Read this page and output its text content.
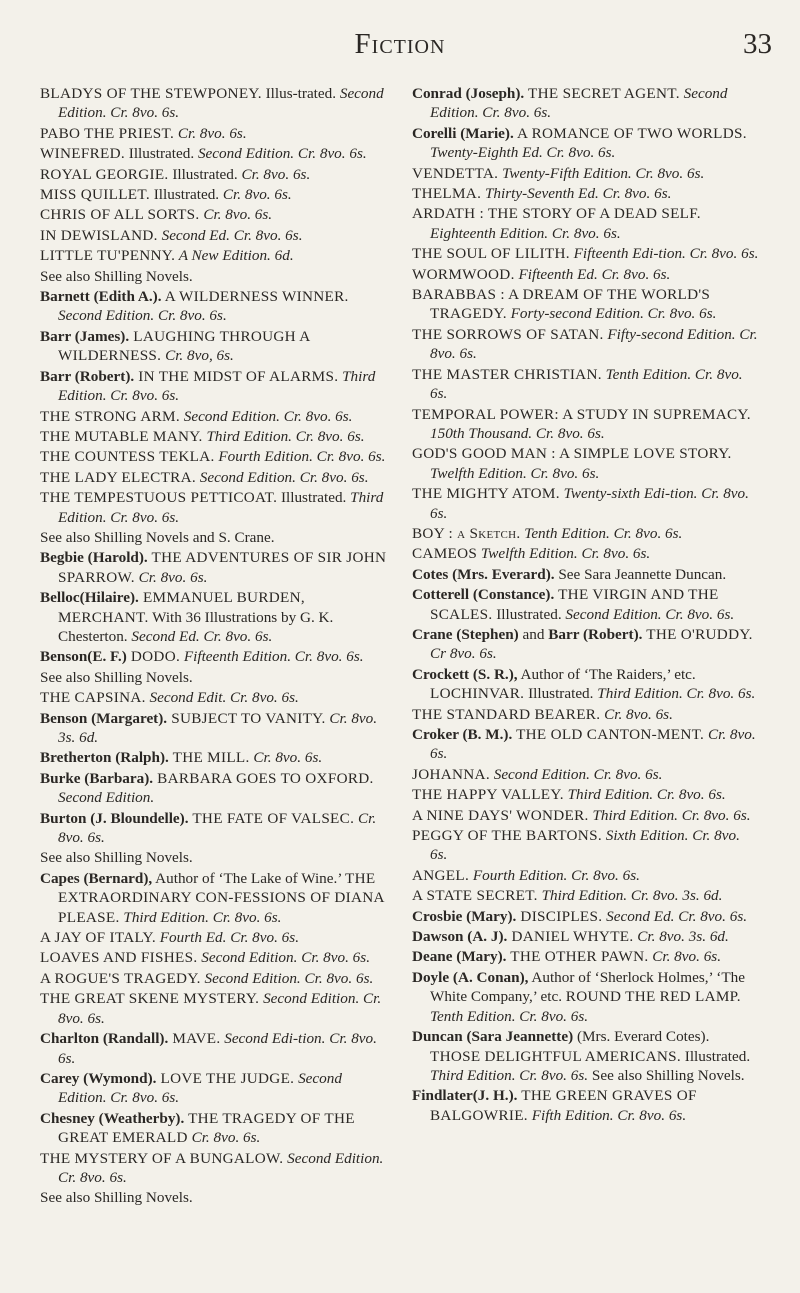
Fiction	33
BLADYS OF THE STEWPONEY. Illus-trated. Second Edition. Cr. 8vo. 6s.
PABO THE PRIEST. Cr. 8vo. 6s.
WINEFRED. Illustrated. Second Edition. Cr. 8vo. 6s.
ROYAL GEORGIE. Illustrated. Cr. 8vo. 6s.
MISS QUILLET. Illustrated. Cr. 8vo. 6s.
CHRIS OF ALL SORTS. Cr. 8vo. 6s.
IN DEWISLAND. Second Ed. Cr. 8vo. 6s.
LITTLE TU'PENNY. A New Edition. 6d.
See also Shilling Novels.
Barnett (Edith A.). A WILDERNESS WINNER. Second Edition. Cr. 8vo. 6s.
Barr (James). LAUGHING THROUGH A WILDERNESS. Cr. 8vo, 6s.
Barr (Robert). IN THE MIDST OF ALARMS. Third Edition. Cr. 8vo. 6s.
THE STRONG ARM. Second Edition. Cr. 8vo. 6s.
THE MUTABLE MANY. Third Edition. Cr. 8vo. 6s.
THE COUNTESS TEKLA. Fourth Edition. Cr. 8vo. 6s.
THE LADY ELECTRA. Second Edition. Cr. 8vo. 6s.
THE TEMPESTUOUS PETTICOAT. Illustrated. Third Edition. Cr. 8vo. 6s.
See also Shilling Novels and S. Crane.
Begbie (Harold). THE ADVENTURES OF SIR JOHN SPARROW. Cr. 8vo. 6s.
Belloc(Hilaire). EMMANUEL BURDEN, MERCHANT. With 36 Illustrations by G. K. Chesterton. Second Ed. Cr. 8vo. 6s.
Benson(E. F.) DODO. Fifteenth Edition. Cr. 8vo. 6s.
See also Shilling Novels.
THE CAPSINA. Second Edit. Cr. 8vo. 6s.
Benson (Margaret). SUBJECT TO VANITY. Cr. 8vo. 3s. 6d.
Bretherton (Ralph). THE MILL. Cr. 8vo. 6s.
Burke (Barbara). BARBARA GOES TO OXFORD. Second Edition.
Burton (J. Bloundelle). THE FATE OF VALSEC. Cr. 8vo. 6s.
See also Shilling Novels.
Capes (Bernard), Author of ‘The Lake of Wine.’ THE EXTRAORDINARY CON-FESSIONS OF DIANA PLEASE. Third Edition. Cr. 8vo. 6s.
A JAY OF ITALY. Fourth Ed. Cr. 8vo. 6s.
LOAVES AND FISHES. Second Edition. Cr. 8vo. 6s.
A ROGUE'S TRAGEDY. Second Edition. Cr. 8vo. 6s.
THE GREAT SKENE MYSTERY. Second Edition. Cr. 8vo. 6s.
Charlton (Randall). MAVE. Second Edi-tion. Cr. 8vo. 6s.
Carey (Wymond). LOVE THE JUDGE. Second Edition. Cr. 8vo. 6s.
Chesney (Weatherby). THE TRAGEDY OF THE GREAT EMERALD Cr. 8vo. 6s.
THE MYSTERY OF A BUNGALOW. Second Edition. Cr. 8vo. 6s.
See also Shilling Novels.
Conrad (Joseph). THE SECRET AGENT. Second Edition. Cr. 8vo. 6s.
Corelli (Marie). A ROMANCE OF TWO WORLDS. Twenty-Eighth Ed. Cr. 8vo. 6s.
VENDETTA. Twenty-Fifth Edition. Cr. 8vo. 6s.
THELMA. Thirty-Seventh Ed. Cr. 8vo. 6s.
ARDATH : THE STORY OF A DEAD SELF. Eighteenth Edition. Cr. 8vo. 6s.
THE SOUL OF LILITH. Fifteenth Edi-tion. Cr. 8vo. 6s.
WORMWOOD. Fifteenth Ed. Cr. 8vo. 6s.
BARABBAS : A DREAM OF THE WORLD'S TRAGEDY. Forty-second Edition. Cr. 8vo. 6s.
THE SORROWS OF SATAN. Fifty-second Edition. Cr. 8vo. 6s.
THE MASTER CHRISTIAN. Tenth Edition. Cr. 8vo. 6s.
TEMPORAL POWER: A STUDY IN SUPREMACY. 150th Thousand. Cr. 8vo. 6s.
GOD'S GOOD MAN : A SIMPLE LOVE STORY. Twelfth Edition. Cr. 8vo. 6s.
THE MIGHTY ATOM. Twenty-sixth Edi-tion. Cr. 8vo. 6s.
BOY : a Sketch. Tenth Edition. Cr. 8vo. 6s.
CAMEOS Twelfth Edition. Cr. 8vo. 6s.
Cotes (Mrs. Everard). See Sara Jeannette Duncan.
Cotterell (Constance). THE VIRGIN AND THE SCALES. Illustrated. Second Edition. Cr. 8vo. 6s.
Crane (Stephen) and Barr (Robert). THE O'RUDDY. Cr 8vo. 6s.
Crockett (S. R.), Author of ‘The Raiders,’ etc. LOCHINVAR. Illustrated. Third Edition. Cr. 8vo. 6s.
THE STANDARD BEARER. Cr. 8vo. 6s.
Croker (B. M.). THE OLD CANTON-MENT. Cr. 8vo. 6s.
JOHANNA. Second Edition. Cr. 8vo. 6s.
THE HAPPY VALLEY. Third Edition. Cr. 8vo. 6s.
A NINE DAYS' WONDER. Third Edition. Cr. 8vo. 6s.
PEGGY OF THE BARTONS. Sixth Edition. Cr. 8vo. 6s.
ANGEL. Fourth Edition. Cr. 8vo. 6s.
A STATE SECRET. Third Edition. Cr. 8vo. 3s. 6d.
Crosbie (Mary). DISCIPLES. Second Ed. Cr. 8vo. 6s.
Dawson (A. J). DANIEL WHYTE. Cr. 8vo. 3s. 6d.
Deane (Mary). THE OTHER PAWN. Cr. 8vo. 6s.
Doyle (A. Conan), Author of ‘Sherlock Holmes,’ ‘The White Company,’ etc. ROUND THE RED LAMP. Tenth Edition. Cr. 8vo. 6s.
Duncan (Sara Jeannette) (Mrs. Everard Cotes). THOSE DELIGHTFUL AMERICANS. Illustrated. Third Edition. Cr. 8vo. 6s. See also Shilling Novels.
Findlater(J. H.). THE GREEN GRAVES OF BALGOWRIE. Fifth Edition. Cr. 8vo. 6s.
